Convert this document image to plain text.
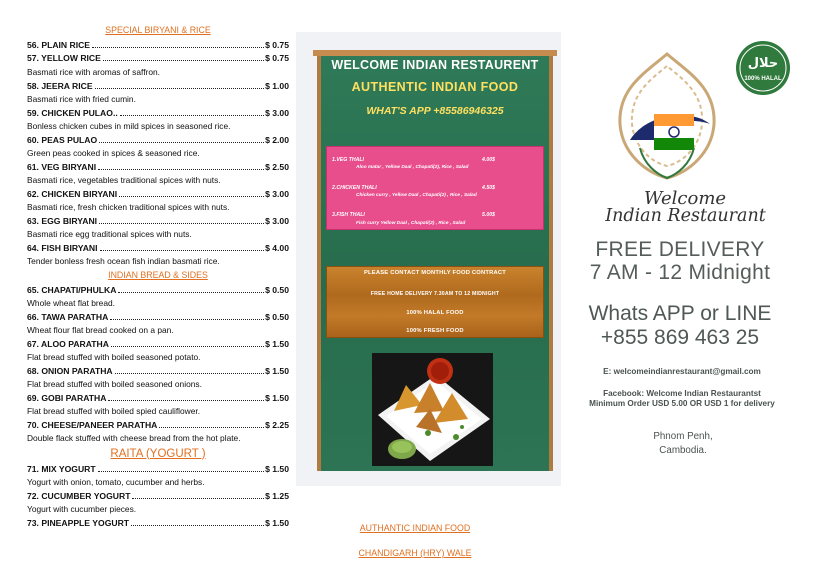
SPECIAL BIRYANI & RICE
56. PLAIN RICE	$ 0.75
57. YELLOW RICE	$ 0.75
Basmati rice with aromas of saffron.
58. JEERA RICE	$ 1.00
Basmati rice with fried cumin.
59. CHICKEN PULAO..	$ 3.00
Bonless chicken cubes in mild spices in seasoned rice.
60. PEAS PULAO	$ 2.00
Green peas cooked in spices & seasoned rice.
61. VEG BIRYANI	$ 2.50
Basmati rice, vegetables traditional spices with nuts.
62. CHICKEN BIRYANI	$ 3.00
Basmati rice, fresh chicken traditional spices with nuts.
63. EGG BIRYANI	$ 3.00
Basmati rice egg traditional spices with nuts.
64. FISH BIRYANI	$ 4.00
Tender bonless fresh ocean fish indian basmati rice.
INDIAN BREAD & SIDES
65. CHAPATI/PHULKA	$ 0.50
Whole wheat flat bread.
66. TAWA PARATHA	$ 0.50
Wheat flour flat bread cooked on a pan.
67. ALOO PARATHA	$ 1.50
Flat bread stuffed with boiled seasoned potato.
68. ONION PARATHA	$ 1.50
Flat bread stuffed with boiled seasoned onions.
69. GOBI PARATHA	$ 1.50
Flat bread stuffed with boiled spied cauliflower.
70. CHEESE/PANEER PARATHA	$ 2.25
Double flack stuffed with cheese bread from the hot plate.
RAITA (YOGURT )
71. MIX YOGURT	$ 1.50
Yogurt with onion, tomato, cucumber and herbs.
72. CUCUMBER YOGURT	$ 1.25
Yogurt with cucumber pieces.
73. PINEAPPLE YOGURT	$ 1.50
WELCOME INDIAN RESTAURENT
AUTHENTIC INDIAN FOOD
WHAT'S APP +85586946325
1.VEG THALI	4.00$
Aloo matar , Yellow Daal , Chapati(2), Rice , Salad
2.CHICKEN THALI	4.50$
Chicken curry , Yellow Daal , Chapati(2) , Rice , Salad
3.FISH THALI	5.00$
Fish curry Yellow Daal , Chapati(2) , Rice , Salad
PLEASE CONTACT MONTHLY FOOD CONTRACT
FREE HOME DELIVERY 7.30AM TO 12 MIDNIGHT
100% HALAL FOOD
100% FRESH FOOD
حلال
100% HALAL
Welcome
Indian Restaurant
FREE DELIVERY
7 AM - 12 Midnight
Whats APP or LINE
+855 869 463 25
E: welcomeindianrestaurant@gmail.com
Facebook: Welcome Indian Restaurantst
Minimum Order USD 5.00 OR USD 1 for delivery
Phnom Penh,
Cambodia.
AUTHANTIC INDIAN FOOD
CHANDIGARH (HRY) WALE
